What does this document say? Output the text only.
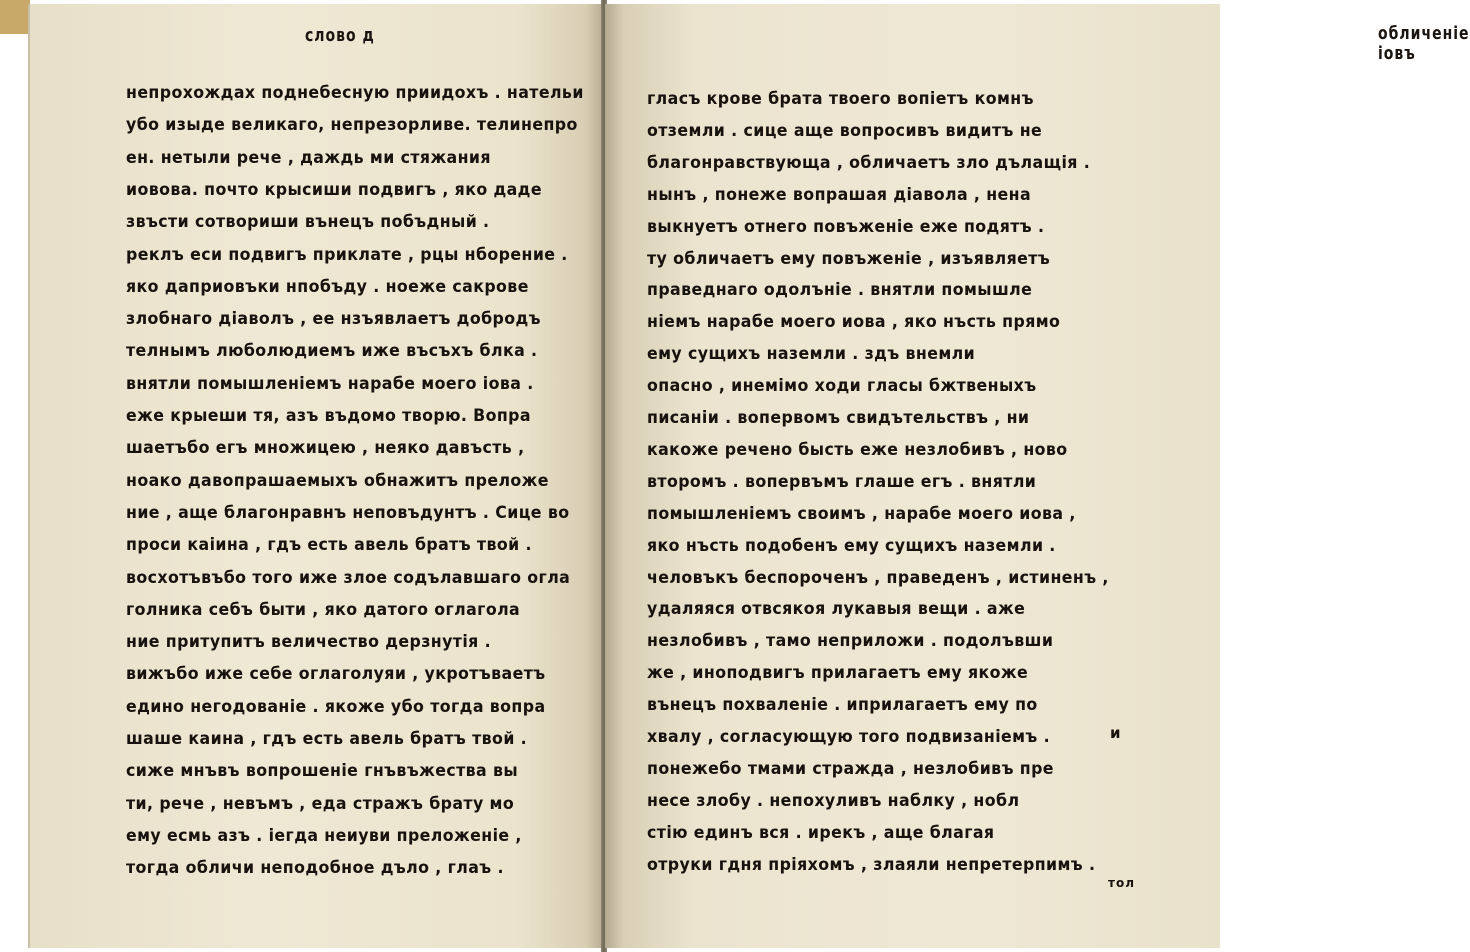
слово д
непрохождах поднебесную приидохъ . нательи
убо изыде великаго, непрезорливе. телинепро
ен. нетыли рече , даждь ми стяжания
иовова. почто крысиши подвигъ , яко даде
звъсти сотвориши вънецъ побъдный .
реклъ еси подвигъ приклате , рцы нборение .
яко даприовъки нпобъду . ноеже сакрове
злобнаго дiаволъ , ее нзъявлаетъ добродъ
телнымъ люболюдиемъ иже въсъхъ блка .
внятли помышленiемъ нарабе моего iова .
еже крыеши тя, азъ въдомо творю. Вопра
шаетъбо егъ множицею , неяко давъсть ,
ноако давопрашаемыхъ обнажитъ преложе
ние , аще благонравнъ неповъдунтъ . Сице во
проси каiина , гдъ есть авель братъ твой .
восхотъвъбо того иже злое содълавшаго огла
голника себъ быти , яко датого оглагола
ние притупитъ величество дерзнутiя .
вижъбо иже себе оглаголуяи , укротъваетъ
едино негодованiе . якоже убо тогда вопра
шаше каина , гдъ есть авель братъ твой .
сиже мнъвъ вопрошенiе гнъвъжества вы
ти, рече , невъмъ , еда стражъ брату мо
ему есмь азъ . iегда неиуви преложенiе ,
тогда обличи неподобное дъло , глаъ .
обличенiе iовъ
гласъ крове брата твоего вопiетъ комнъ
отземли . сице аще вопросивъ видитъ не
благонравствующа , обличаетъ зло дълащiя .
нынъ , понеже вопрашая дiавола , нена
выкнуетъ отнего повъженiе еже подятъ .
ту обличаетъ ему повъженiе , изъявляетъ
праведнаго одолънiе . внятли помышле
нiемъ нарабе моего иова , яко нъсть прямо
ему сущихъ наземли . здъ внемли
опасно , инемiмо ходи гласы бжтвеныхъ
писанiи . вопервомъ свидътельствъ , ни
какоже речено бысть еже незлобивъ , ново
второмъ . вопервъмъ глаше егъ . внятли
помышленiемъ своимъ , нарабе моего иова ,
яко нъсть подобенъ ему сущихъ наземли .
человъкъ беспороченъ , праведенъ , истиненъ ,
удаляяся отвсякоя лукавыя вещи . аже
незлобивъ , тамо неприложи . подолъвши
же , иноподвигъ прилагаетъ ему якоже
вънецъ похваленiе . иприлагаетъ ему по
хвалу , согласующую того подвизанiемъ .
понежебо тмами стражда , незлобивъ пре
несе злобу . непохуливъ наблку , нобл
стiю единъ вся . ирекъ , аще благая
отруки гдня прiяхомъ , злаяли непретерпимъ .
и
тол
